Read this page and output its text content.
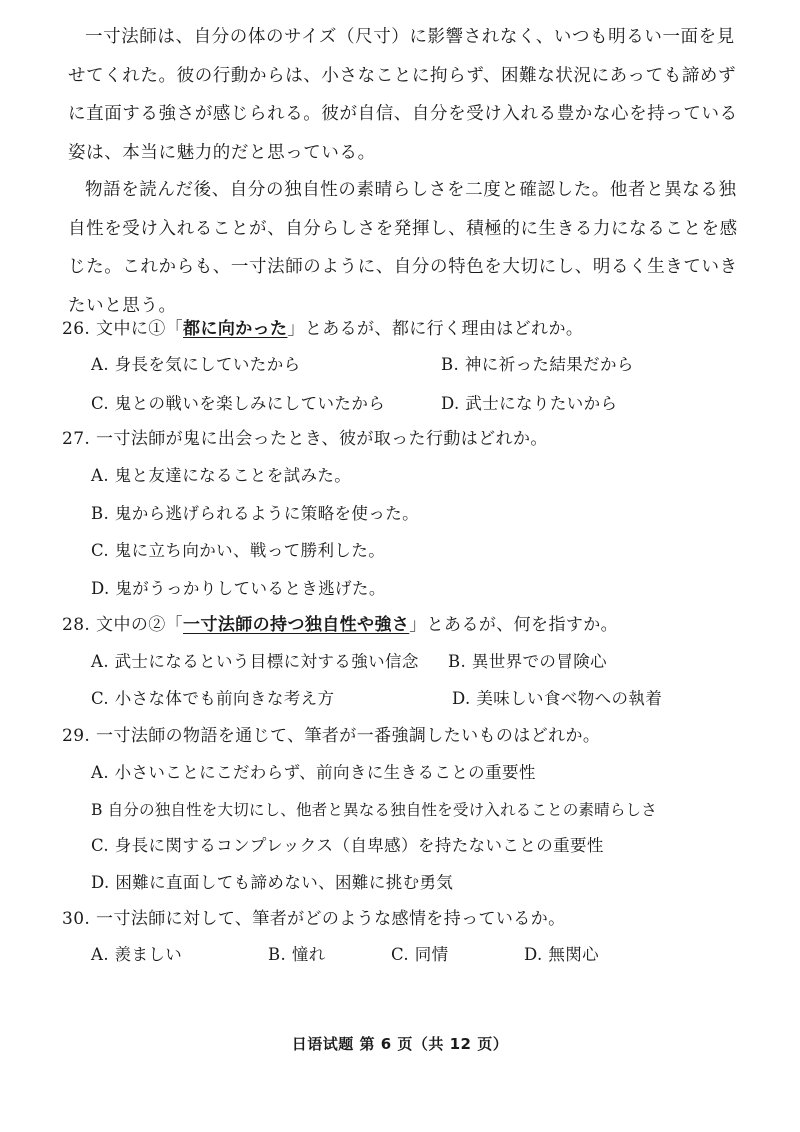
一寸法師は、自分の体のサイズ（尺寸）に影響されなく、いつも明るい一面を見せてくれた。彼の行動からは、小さなことに拘らず、困難な状況にあっても諦めずに直面する強さが感じられる。彼が自信、自分を受け入れる豊かな心を持っている姿は、本当に魅力的だと思っている。

物語を読んだ後、自分の独自性の素晴らしさを二度と確認した。他者と異なる独自性を受け入れることが、自分らしさを発揮し、積極的に生きる力になることを感じた。これからも、一寸法師のように、自分の特色を大切にし、明るく生きていきたいと思う。

26. 文中に①「都に向かった」とあるが、都に行く理由はどれか。
A. 身長を気にしていたから	B. 神に祈った結果だから
C. 鬼との戦いを楽しみにしていたから	D. 武士になりたいから
27. 一寸法師が鬼に出会ったとき、彼が取った行動はどれか。
A. 鬼と友達になることを試みた。
B. 鬼から逃げられるように策略を使った。
C. 鬼に立ち向かい、戦って勝利した。
D. 鬼がうっかりしているとき逃げた。
28. 文中の②「一寸法師の持つ独自性や強さ」とあるが、何を指すか。
A. 武士になるという目標に対する強い信念 B. 異世界での冒険心
C. 小さな体でも前向きな考え方	D. 美味しい食べ物への執着
29. 一寸法師の物語を通じて、筆者が一番強調したいものはどれか。
A. 小さいことにこだわらず、前向きに生きることの重要性
B 自分の独自性を大切にし、他者と異なる独自性を受け入れることの素晴らしさ
C. 身長に関するコンプレックス（自卑感）を持たないことの重要性
D. 困難に直面しても諦めない、困難に挑む勇気
30. 一寸法師に対して、筆者がどのような感情を持っているか。
A. 羨ましい	B. 憧れ	C. 同情	D. 無関心
日语试题 第 6 页（共 12 页）
